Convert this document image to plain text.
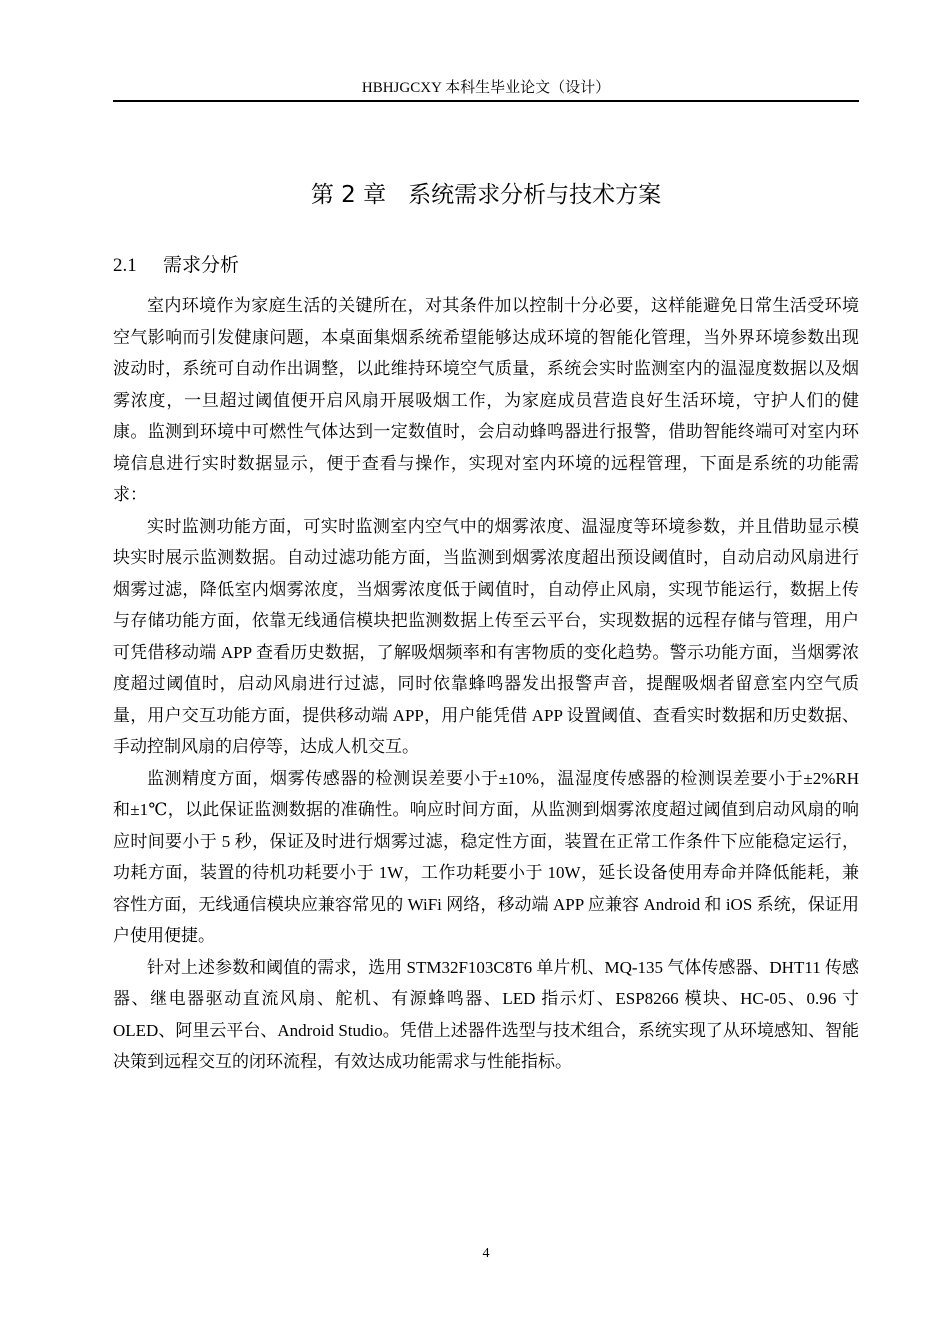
HBHJGCXY 本科生毕业论文（设计）
第 2 章 系统需求分析与技术方案
2.1 需求分析

室内环境作为家庭生活的关键所在，对其条件加以控制十分必要，这样能避免日常生活受环境空气影响而引发健康问题，本桌面集烟系统希望能够达成环境的智能化管理，当外界环境参数出现波动时，系统可自动作出调整，以此维持环境空气质量，系统会实时监测室内的温湿度数据以及烟雾浓度，一旦超过阈值便开启风扇开展吸烟工作，为家庭成员营造良好生活环境，守护人们的健康。监测到环境中可燃性气体达到一定数值时，会启动蜂鸣器进行报警，借助智能终端可对室内环境信息进行实时数据显示，便于查看与操作，实现对室内环境的远程管理，下面是系统的功能需求：

实时监测功能方面，可实时监测室内空气中的烟雾浓度、温湿度等环境参数，并且借助显示模块实时展示监测数据。自动过滤功能方面，当监测到烟雾浓度超出预设阈值时，自动启动风扇进行烟雾过滤，降低室内烟雾浓度，当烟雾浓度低于阈值时，自动停止风扇，实现节能运行，数据上传与存储功能方面，依靠无线通信模块把监测数据上传至云平台，实现数据的远程存储与管理，用户可凭借移动端 APP 查看历史数据，了解吸烟频率和有害物质的变化趋势。警示功能方面，当烟雾浓度超过阈值时，启动风扇进行过滤，同时依靠蜂鸣器发出报警声音，提醒吸烟者留意室内空气质量，用户交互功能方面，提供移动端 APP，用户能凭借 APP 设置阈值、查看实时数据和历史数据、手动控制风扇的启停等，达成人机交互。

监测精度方面，烟雾传感器的检测误差要小于±10%，温湿度传感器的检测误差要小于±2%RH 和±1℃，以此保证监测数据的准确性。响应时间方面，从监测到烟雾浓度超过阈值到启动风扇的响应时间要小于 5 秒，保证及时进行烟雾过滤，稳定性方面，装置在正常工作条件下应能稳定运行，功耗方面，装置的待机功耗要小于 1W，工作功耗要小于 10W，延长设备使用寿命并降低能耗，兼容性方面，无线通信模块应兼容常见的 WiFi 网络，移动端 APP 应兼容 Android 和 iOS 系统，保证用户使用便捷。

针对上述参数和阈值的需求，选用 STM32F103C8T6 单片机、MQ-135 气体传感器、DHT11 传感器、继电器驱动直流风扇、舵机、有源蜂鸣器、LED 指示灯、ESP8266 模块、HC-05、0.96 寸 OLED、阿里云平台、Android Studio。凭借上述器件选型与技术组合，系统实现了从环境感知、智能决策到远程交互的闭环流程，有效达成功能需求与性能指标。

4
